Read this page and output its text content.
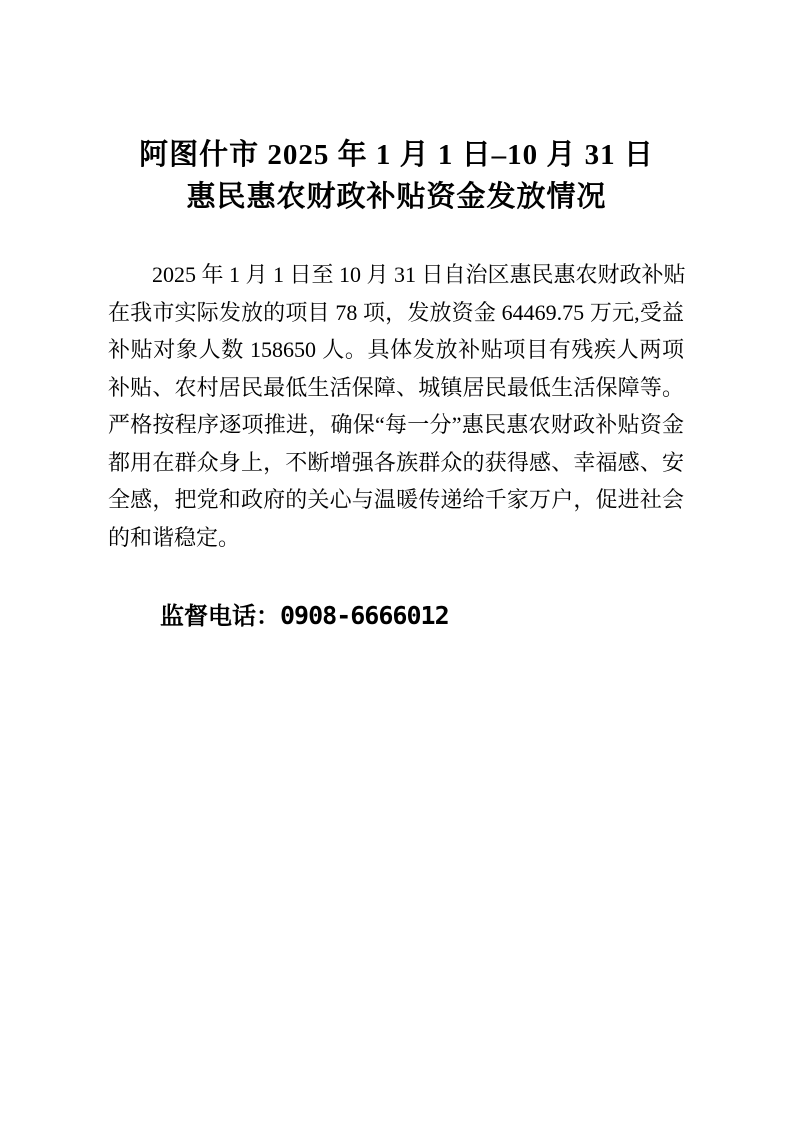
阿图什市 2025 年 1 月 1 日–10 月 31 日
惠民惠农财政补贴资金发放情况
2025 年 1 月 1 日至 10 月 31 日自治区惠民惠农财政补贴
在我市实际发放的项目 78 项，发放资金 64469.75 万元,受益
补贴对象人数 158650 人。具体发放补贴项目有残疾人两项
补贴、农村居民最低生活保障、城镇居民最低生活保障等。
严格按程序逐项推进，确保“每一分”惠民惠农财政补贴资金
都用在群众身上，不断增强各族群众的获得感、幸福感、安
全感，把党和政府的关心与温暖传递给千家万户，促进社会
的和谐稳定。
监督电话：0908-6666012
